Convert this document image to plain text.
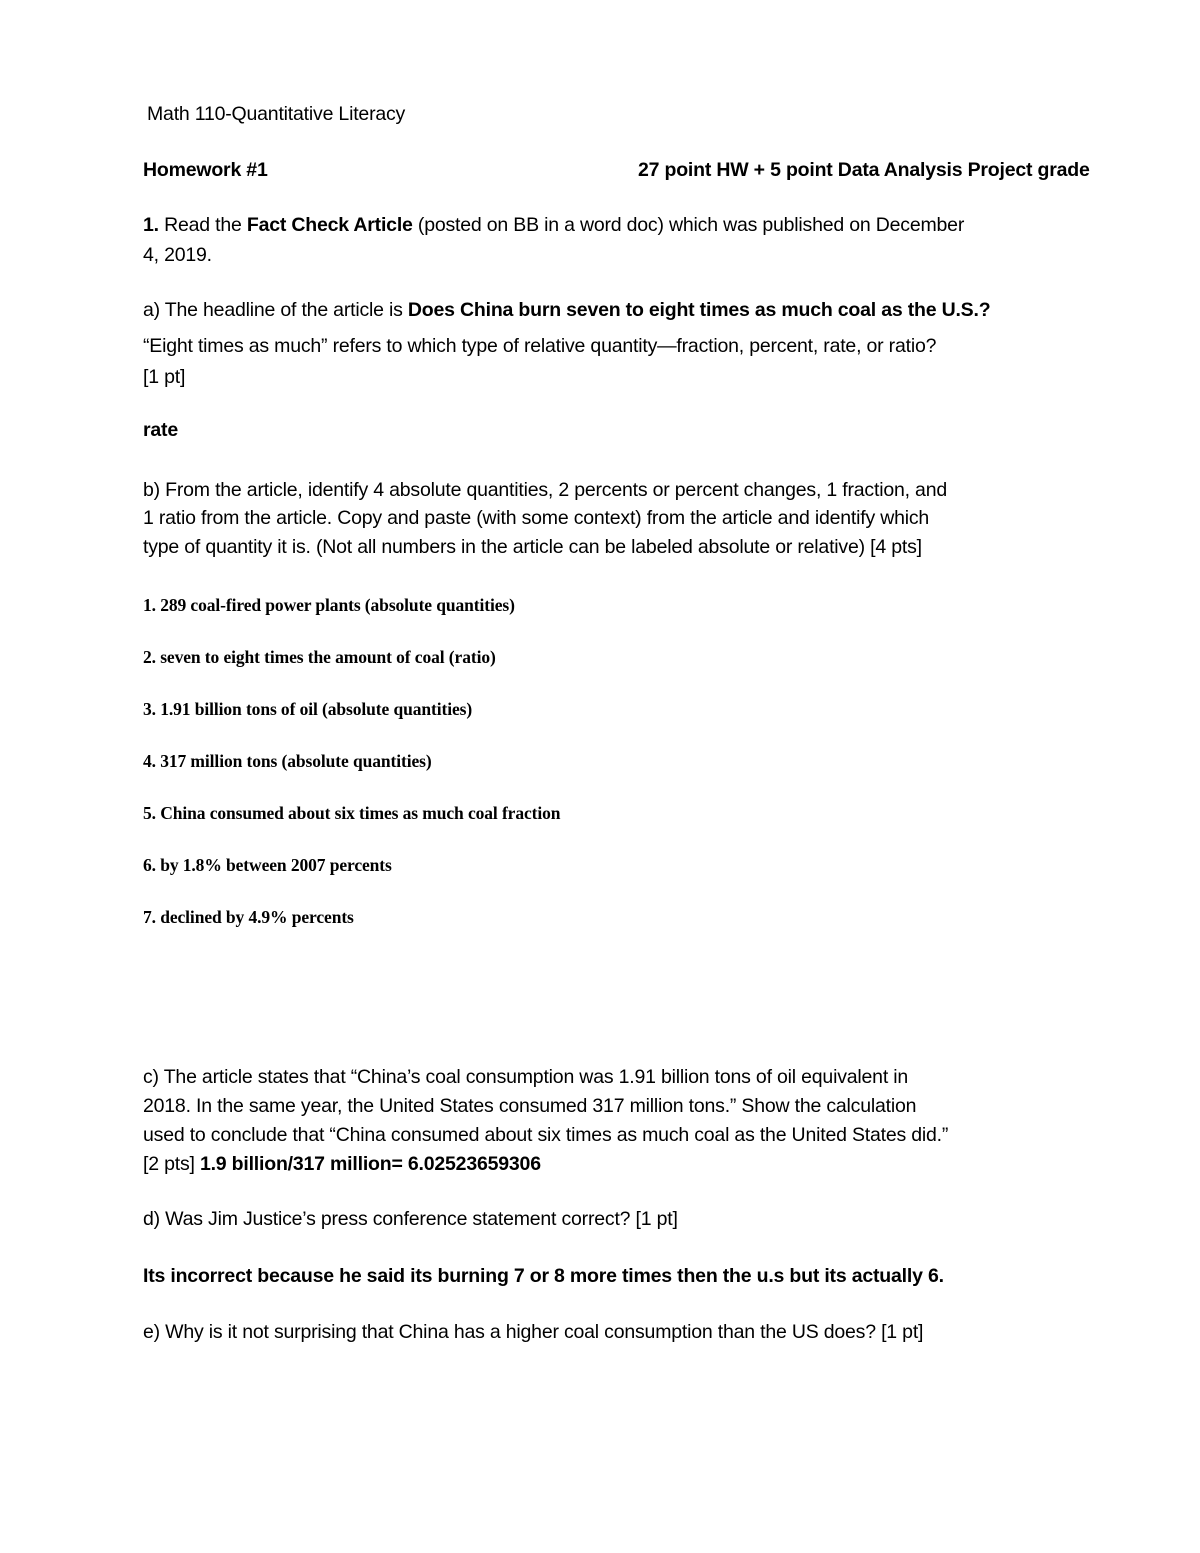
Math 110-Quantitative Literacy
Homework #1	27 point HW + 5 point Data Analysis Project grade
1. Read the Fact Check Article (posted on BB in a word doc) which was published on December
4, 2019.
a) The headline of the article is Does China burn seven to eight times as much coal as the U.S.?
“Eight times as much” refers to which type of relative quantity—fraction, percent, rate, or ratio?
[1 pt]
rate
b) From the article, identify 4 absolute quantities, 2 percents or percent changes, 1 fraction, and
1 ratio from the article. Copy and paste (with some context) from the article and identify which
type of quantity it is. (Not all numbers in the article can be labeled absolute or relative) [4 pts]
1. 289 coal-fired power plants (absolute quantities)
2. seven to eight times the amount of coal (ratio)
3. 1.91 billion tons of oil (absolute quantities)
4. 317 million tons (absolute quantities)
5. China consumed about six times as much coal fraction
6. by 1.8% between 2007 percents
7. declined by 4.9% percents
c) The article states that “China’s coal consumption was 1.91 billion tons of oil equivalent in
2018. In the same year, the United States consumed 317 million tons.” Show the calculation
used to conclude that “China consumed about six times as much coal as the United States did.”
[2 pts] 1.9 billion/317 million= 6.02523659306
d) Was Jim Justice’s press conference statement correct? [1 pt]
Its incorrect because he said its burning 7 or 8 more times then the u.s but its actually 6.
e) Why is it not surprising that China has a higher coal consumption than the US does? [1 pt]
